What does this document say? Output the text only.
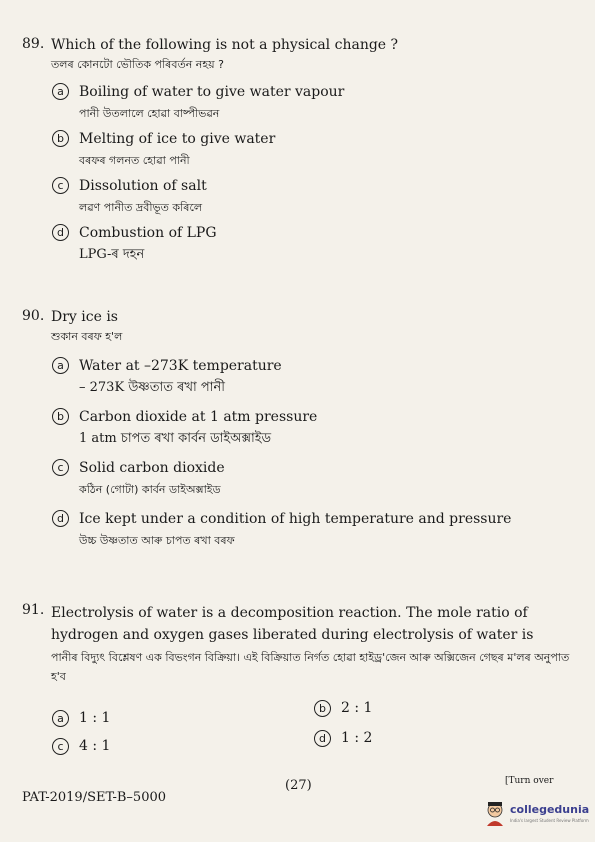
89. Which of the following is not a physical change ?
তলৰ কোনটো ভৌতিক পৰিবৰ্তন নহয় ?
a	Boiling of water to give water vapour
পানী উতলালে হোৱা বাষ্পীভৱন
b	Melting of ice to give water
বৰফৰ গলনত হোৱা পানী
c	Dissolution of salt
লৱণ পানীত দ্ৰবীভূত কৰিলে
d	Combustion of LPG
LPG-ৰ দহন
90. Dry ice is
শুকান বৰফ হ'ল
a	Water at –273K temperature
– 273K উষ্ণতাত ৰখা পানী
b	Carbon dioxide at 1 atm pressure
1 atm চাপত ৰখা কাৰ্বন ডাইঅক্সাইড
c	Solid carbon dioxide
কঠিন (গোটা) কাৰ্বন ডাইঅক্সাইড
d	Ice kept under a condition of high temperature and pressure
উচ্চ উষ্ণতাত আৰু চাপত ৰখা বৰফ
91. Electrolysis of water is a decomposition reaction. The mole ratio of hydrogen and oxygen gases liberated during electrolysis of water is
পানীৰ বিদ্যুৎ বিশ্লেষণ এক বিভংগন বিক্ৰিয়া। এই বিক্ৰিয়াত নিৰ্গত হোৱা হাইড্ৰ'জেন আৰু অক্সিজেন গেছৰ ম'লৰ অনুপাত হ'ব
a	1 : 1
b	2 : 1
c	4 : 1	d	1 : 2
PAT-2019/SET-B–5000
(27)	[Turn over
collegedunia
India's largest Student Review Platform
